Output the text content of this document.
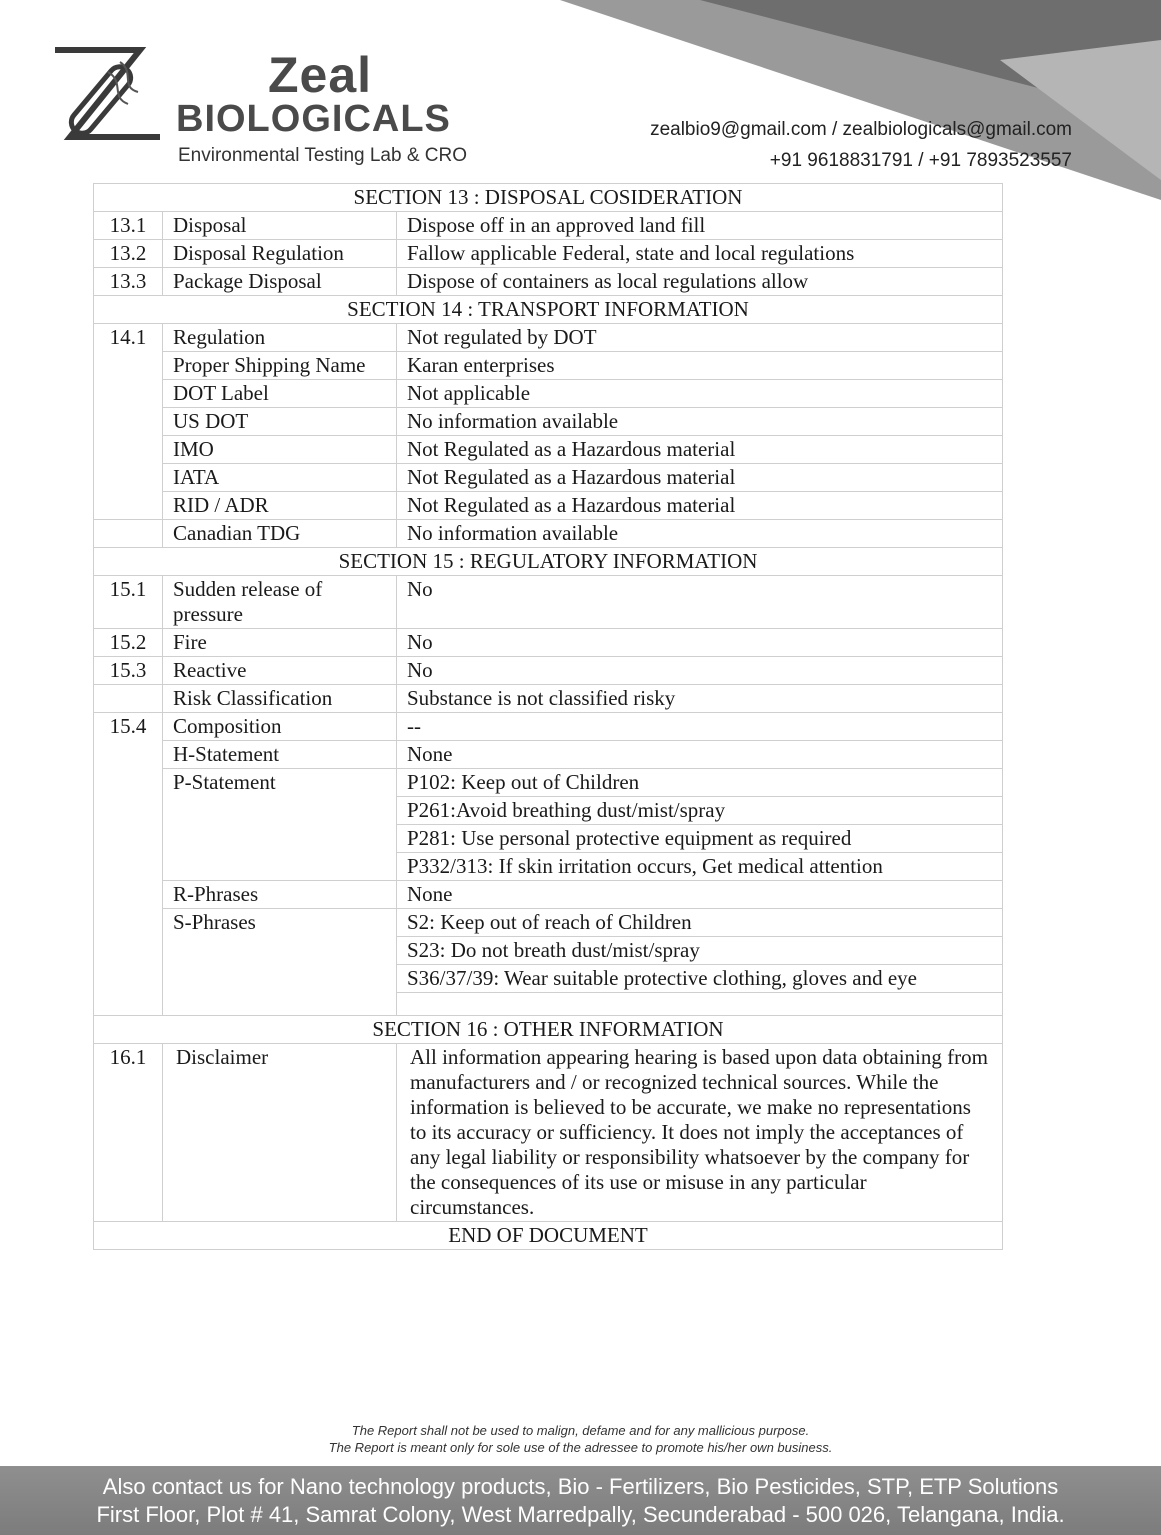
Zeal
BIOLOGICALS
Environmental Testing Lab & CRO
zealbio9@gmail.com / zealbiologicals@gmail.com
+91 9618831791 / +91 7893523557
SECTION 13 : DISPOSAL COSIDERATION		
13.1	Disposal	Dispose off in an approved land fill
13.2	Disposal Regulation	Fallow applicable Federal, state and local regulations
13.3	Package Disposal	Dispose of containers as local regulations allow
SECTION 14 : TRANSPORT INFORMATION		
14.1	Regulation	Not regulated by DOT
	Proper Shipping Name	Karan enterprises
	DOT Label	Not applicable
	US DOT	No information available
	IMO	Not Regulated as a Hazardous material
	IATA	Not Regulated as a Hazardous material
	RID / ADR	Not Regulated as a Hazardous material
	Canadian TDG	No information available
SECTION 15 : REGULATORY INFORMATION		
15.1	Sudden release of pressure	No
15.2	Fire	No
15.3	Reactive	No
	Risk Classification	Substance is not classified risky
15.4	Composition	--
	H-Statement	None
	P-Statement	P102: Keep out of Children
		P261:Avoid breathing dust/mist/spray
		P281: Use personal protective equipment as required
		P332/313: If skin irritation occurs, Get medical attention
	R-Phrases	None
	S-Phrases	S2: Keep out of reach of Children
		S23: Do not breath dust/mist/spray
		S36/37/39: Wear suitable protective clothing, gloves and eye

SECTION 16 : OTHER INFORMATION		
16.1	Disclaimer	All information appearing hearing is based upon data obtaining from manufacturers and / or recognized technical sources. While the information is believed to be accurate, we make no representations to its accuracy or sufficiency. It does not imply the acceptances of any legal liability or responsibility whatsoever by the company for the consequences of its use or misuse in any particular circumstances.
END OF DOCUMENT		
The Report shall not be used to malign, defame and for any mallicious purpose.
The Report is meant only for sole use of the adressee to promote his/her own business.
Also contact us for Nano technology products, Bio - Fertilizers, Bio Pesticides, STP, ETP Solutions
First Floor, Plot # 41, Samrat Colony, West Marredpally, Secunderabad - 500 026, Telangana, India.
